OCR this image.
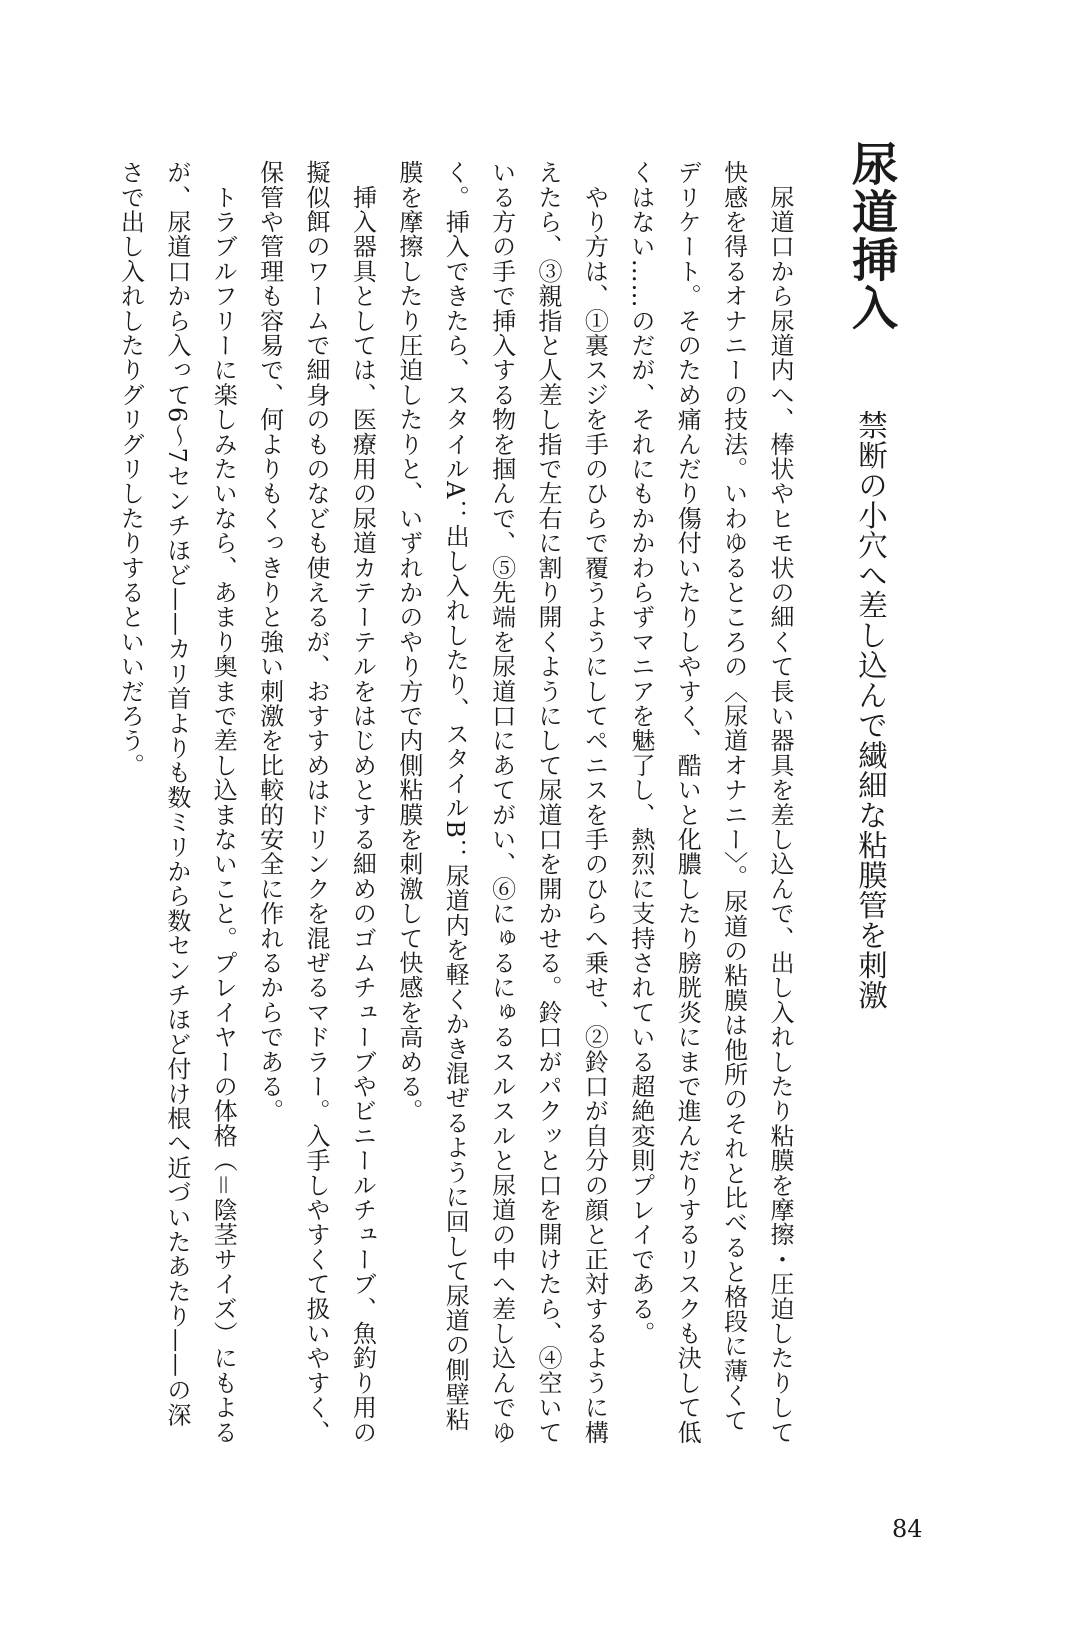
尿道挿入
禁断の小穴へ差し込んで繊細な粘膜管を刺激
　尿道口から尿道内へ、棒状やヒモ状の細くて長い器具を差し込んで、出し入れしたり粘膜を摩擦・圧迫したりして
快感を得るオナニーの技法。いわゆるところの〈尿道オナニー〉。尿道の粘膜は他所のそれと比べると格段に薄くて
デリケート。そのため痛んだり傷付いたりしやすく、酷いと化膿したり膀胱炎にまで進んだりするリスクも決して低
くはない……のだが、それにもかかわらずマニアを魅了し、熱烈に支持されている超絶変則プレイである。
　やり方は、①裏スジを手のひらで覆うようにしてペニスを手のひらへ乗せ、②鈴口が自分の顔と正対するように構
えたら、③親指と人差し指で左右に割り開くようにして尿道口を開かせる。鈴口がパクッと口を開けたら、④空いて
いる方の手で挿入する物を掴んで、⑤先端を尿道口にあてがい、⑥にゅるにゅるスルスルと尿道の中へ差し込んでゆ
く。挿入できたら、スタイルA：出し入れしたり、スタイルB：尿道内を軽くかき混ぜるように回して尿道の側壁粘
膜を摩擦したり圧迫したりと、いずれかのやり方で内側粘膜を刺激して快感を高める。
　挿入器具としては、医療用の尿道カテーテルをはじめとする細めのゴムチューブやビニールチューブ、魚釣り用の
擬似餌のワームで細身のものなども使えるが、おすすめはドリンクを混ぜるマドラー。入手しやすくて扱いやすく、
保管や管理も容易で、何よりもくっきりと強い刺激を比較的安全に作れるからである。
　トラブルフリーに楽しみたいなら、あまり奥まで差し込まないこと。プレイヤーの体格（＝陰茎サイズ）にもよる
が、尿道口から入って6～7センチほど——カリ首よりも数ミリから数センチほど付け根へ近づいたあたり——の深
さで出し入れしたりグリグリしたりするといいだろう。
84
